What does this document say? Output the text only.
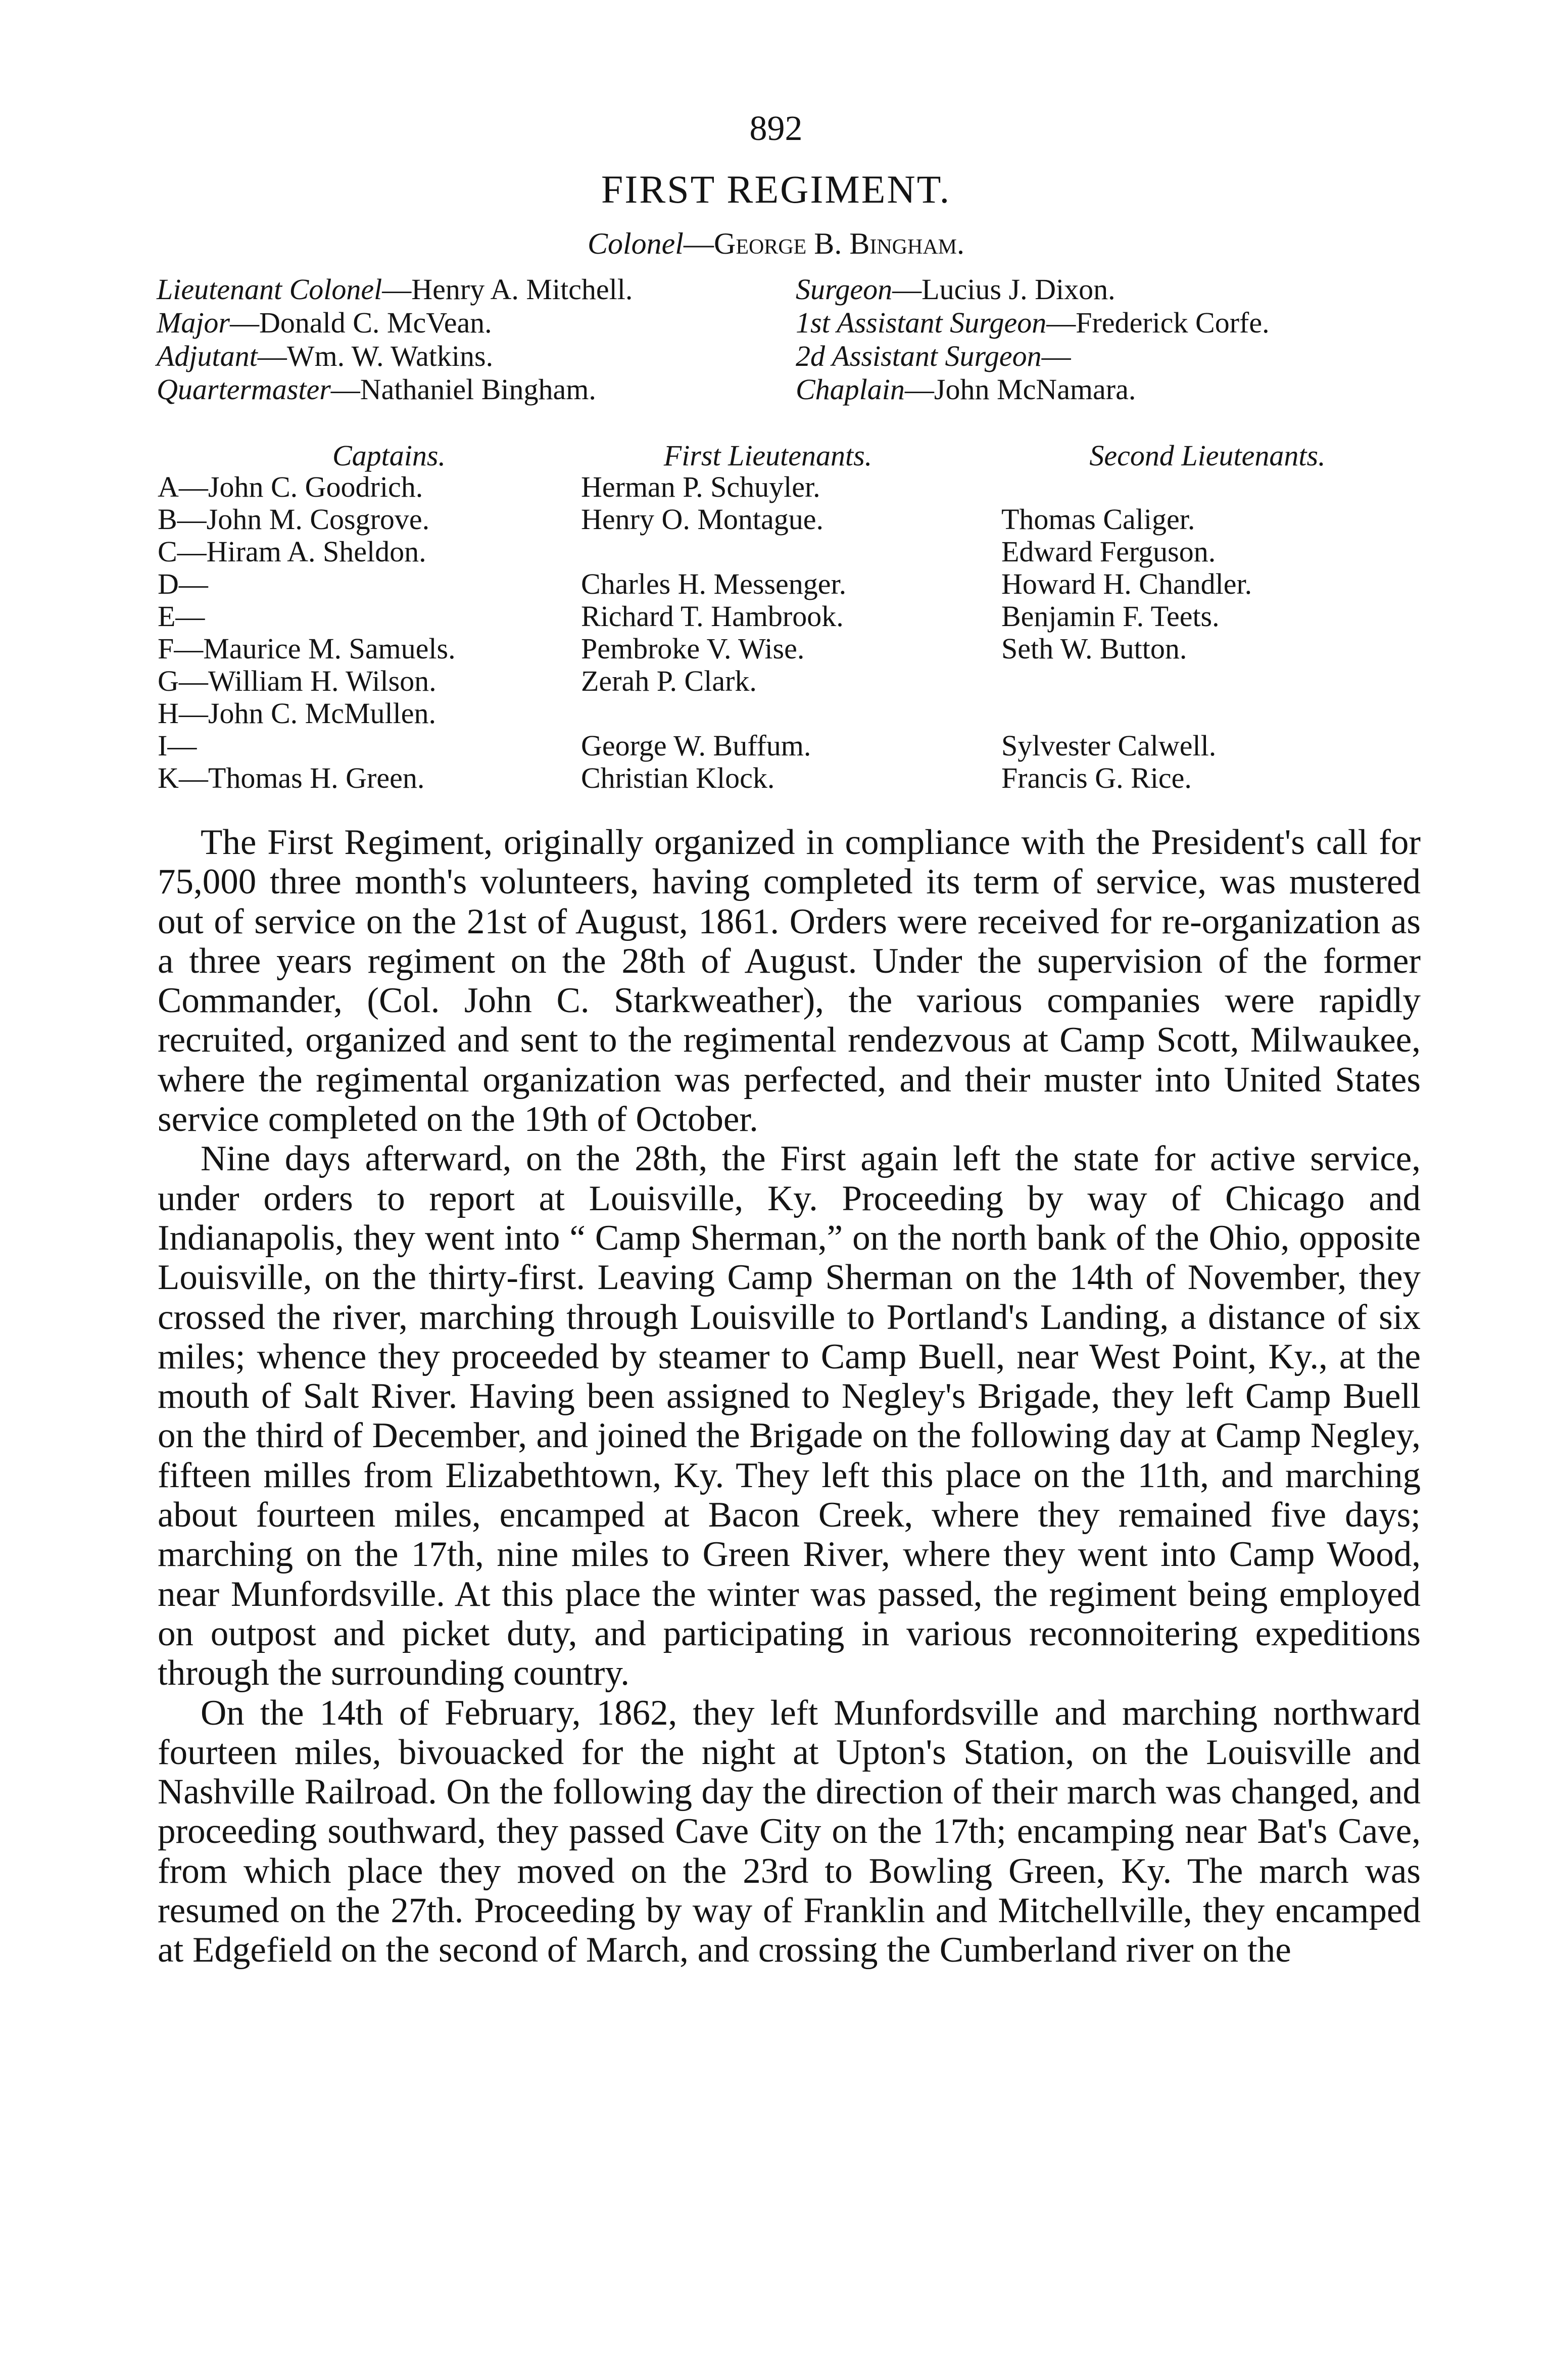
892
FIRST REGIMENT.
Colonel—George B. Bingham.
Lieutenant Colonel—Henry A. Mitchell.
Major—Donald C. McVean.
Adjutant—Wm. W. Watkins.
Quartermaster—Nathaniel Bingham.
Surgeon—Lucius J. Dixon.
1st Assistant Surgeon—Frederick Corfe.
2d Assistant Surgeon—
Chaplain—John McNamara.
Captains.	First Lieutenants.	Second Lieutenants.
A—John C. Goodrich.
B—John M. Cosgrove.
C—Hiram A. Sheldon.
D—
E—
F—Maurice M. Samuels.
G—William H. Wilson.
H—John C. McMullen.
I—
K—Thomas H. Green.
Herman P. Schuyler.
Henry O. Montague.
Charles H. Messenger.
Richard T. Hambrook.
Pembroke V. Wise.
Zerah P. Clark.
George W. Buffum.
Christian Klock.
Thomas Caliger.
Edward Ferguson.
Howard H. Chandler.
Benjamin F. Teets.
Seth W. Button.
Sylvester Calwell.
Francis G. Rice.

The First Regiment, originally organized in compliance with the President's call for 75,000 three month's volunteers, having completed its term of service, was mustered out of service on the 21st of August, 1861. Orders were received for re-organization as a three years regiment on the 28th of August. Under the supervision of the former Commander, (Col. John C. Starkweather), the various companies were rapidly recruited, organized and sent to the regimental rendezvous at Camp Scott, Milwaukee, where the regimental organization was perfected, and their muster into United States service completed on the 19th of October.

Nine days afterward, on the 28th, the First again left the state for active service, under orders to report at Louisville, Ky. Proceeding by way of Chicago and Indianapolis, they went into “ Camp Sherman,” on the north bank of the Ohio, opposite Louisville, on the thirty-first. Leaving Camp Sherman on the 14th of November, they crossed the river, marching through Louisville to Portland's Landing, a distance of six miles; whence they proceeded by steamer to Camp Buell, near West Point, Ky., at the mouth of Salt River. Having been assigned to Negley's Brigade, they left Camp Buell on the third of December, and joined the Brigade on the following day at Camp Negley, fifteen milles from Elizabethtown, Ky. They left this place on the 11th, and marching about fourteen miles, encamped at Bacon Creek, where they remained five days; marching on the 17th, nine miles to Green River, where they went into Camp Wood, near Munfordsville. At this place the winter was passed, the regiment being employed on outpost and picket duty, and participating in various reconnoitering expeditions through the surrounding country.

On the 14th of February, 1862, they left Munfordsville and marching northward fourteen miles, bivouacked for the night at Upton's Station, on the Louisville and Nashville Railroad. On the following day the direction of their march was changed, and proceeding southward, they passed Cave City on the 17th; encamping near Bat's Cave, from which place they moved on the 23rd to Bowling Green, Ky. The march was resumed on the 27th. Proceeding by way of Franklin and Mitchellville, they encamped at Edgefield on the second of March, and crossing the Cumberland river on the
